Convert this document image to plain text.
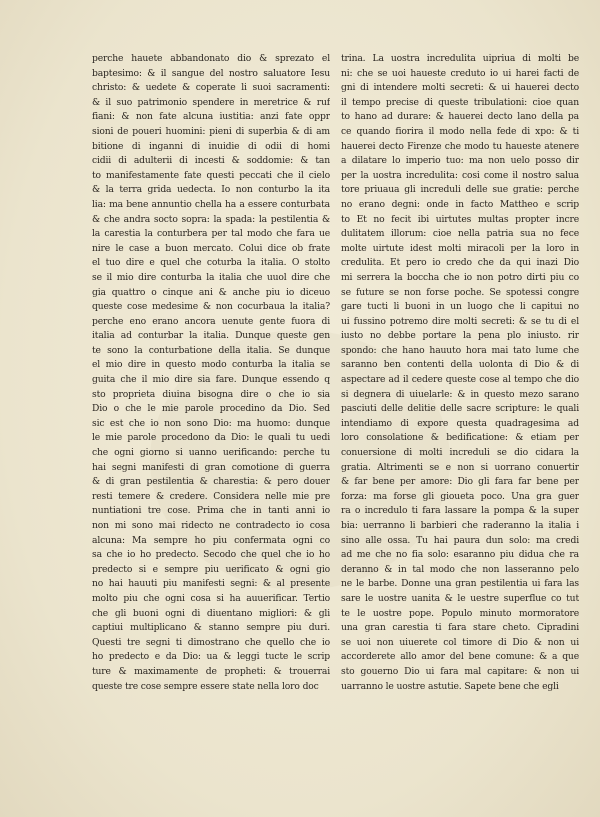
perche hauete abbandonato dio & sprezato el
baptesimo: & il sangue del nostro saluatore Iesu
christo: & uedete & coperate li suoi sacramenti:
& il suo patrimonio spendere in meretrice & ruf
fiani: & non fate alcuna iustitia: anzi fate oppr
sioni de poueri huomini: pieni di superbia & di am
bitione di inganni di inuidie di odii di homi
cidii di adulterii di incesti & soddomie: & tan
to manifestamente fate questi peccati che il cielo
& la terra grida uedecta. Io non conturbo la ita
lia: ma bene annuntio chella ha a essere conturbata
& che andra socto sopra: la spada: la pestilentia &
la carestia la conturbera per tal modo che fara ue
nire le case a buon mercato. Colui dice ob frate
el tuo dire e quel che coturba la italia. O stolto
se il mio dire conturba la italia che uuol dire che
gia quattro o cinque ani & anche piu io diceuo
queste cose medesime & non cocurbaua la italia?
perche eno erano ancora uenute gente fuora di
italia ad conturbar la italia. Dunque queste gen
te sono la conturbatione della italia. Se dunque
el mio dire in questo modo conturba la italia se
guita che il mio dire sia fare. Dunque essendo q
sto proprieta diuina bisogna dire o che io sia
Dio o che le mie parole procedino da Dio. Sed
sic est che io non sono Dio: ma huomo: dunque
le mie parole procedono da Dio: le quali tu uedi
che ogni giorno si uanno uerificando: perche tu
hai segni manifesti di gran comotione di guerra
& di gran pestilentia & charestia: & pero douer
resti temere & credere. Considera nelle mie pre
nuntiationi tre cose. Prima che in tanti anni io
non mi sono mai ridecto ne contradecto io cosa
alcuna: Ma sempre ho piu confermata ogni co
sa che io ho predecto. Secodo che quel che io ho
predecto si e sempre piu uerificato & ogni gio
no hai hauuti piu manifesti segni: & al presente
molto piu che ogni cosa si ha auuerificar. Tertio
che gli buoni ogni di diuentano migliori: & gli
captiui multiplicano & stanno sempre piu duri.
Questi tre segni ti dimostrano che quello che io
ho predecto e da Dio: ua & leggi tucte le scrip
ture & maximamente de propheti: & trouerrai
queste tre cose sempre essere state nella loro doc
trina. La uostra incredulita uipriua di molti be
ni: che se uoi haueste creduto io ui harei facti de
gni di intendere molti secreti: & ui hauerei decto
il tempo precise di queste tribulationi: cioe quan
to hano ad durare: & hauerei decto lano della pa
ce quando fiorira il modo nella fede di xpo: & ti
hauerei decto Firenze che modo tu haueste atenere
a dilatare lo imperio tuo: ma non uelo posso dir
per la uostra incredulita: cosi come il nostro salua
tore priuaua gli increduli delle sue gratie: perche
no erano degni: onde in facto Mattheo e scrip
to Et no fecit ibi uirtutes multas propter incre
dulitatem illorum: cioe nella patria sua no fece
molte uirtute idest molti miracoli per la loro in
credulita. Et pero io credo che da qui inazi Dio
mi serrera la boccha che io non potro dirti piu co
se future se non forse poche. Se spotessi congre
gare tucti li buoni in un luogo che li capitui no
ui fussino potremo dire molti secreti: & se tu di el
iusto no debbe portare la pena plo iniusto. rir
spondo: che hano hauuto hora mai tato lume che
saranno ben contenti della uolonta di Dio & di
aspectare ad il cedere queste cose al tempo che dio
si degnera di uiuelarle: & in questo mezo sarano
pasciuti delle delitie delle sacre scripture: le quali
intendiamo di expore questa quadragesima ad
loro consolatione & bedificatione: & etiam per
conuersione di molti increduli se dio cidara la
gratia. Altrimenti se e non si uorrano conuertir
& far bene per amore: Dio gli fara far bene per
forza: ma forse gli gioueta poco. Una gra guer
ra o incredulo ti fara lassare la pompa & la super
bia: uerranno li barbieri che raderanno la italia i
sino alle ossa. Tu hai paura dun solo: ma credi
ad me che no fia solo: esaranno piu didua che ra
deranno & in tal modo che non lasseranno pelo
ne le barbe. Donne una gran pestilentia ui fara las
sare le uostre uanita & le uestre superflue co tut
te le uostre pope. Populo minuto mormoratore
una gran carestia ti fara stare cheto. Cipradini
se uoi non uiuerete col timore di Dio & non ui
accorderete allo amor del bene comune: & a que
sto gouerno Dio ui fara mal capitare: & non ui
uarranno le uostre astutie. Sapete bene che egli
